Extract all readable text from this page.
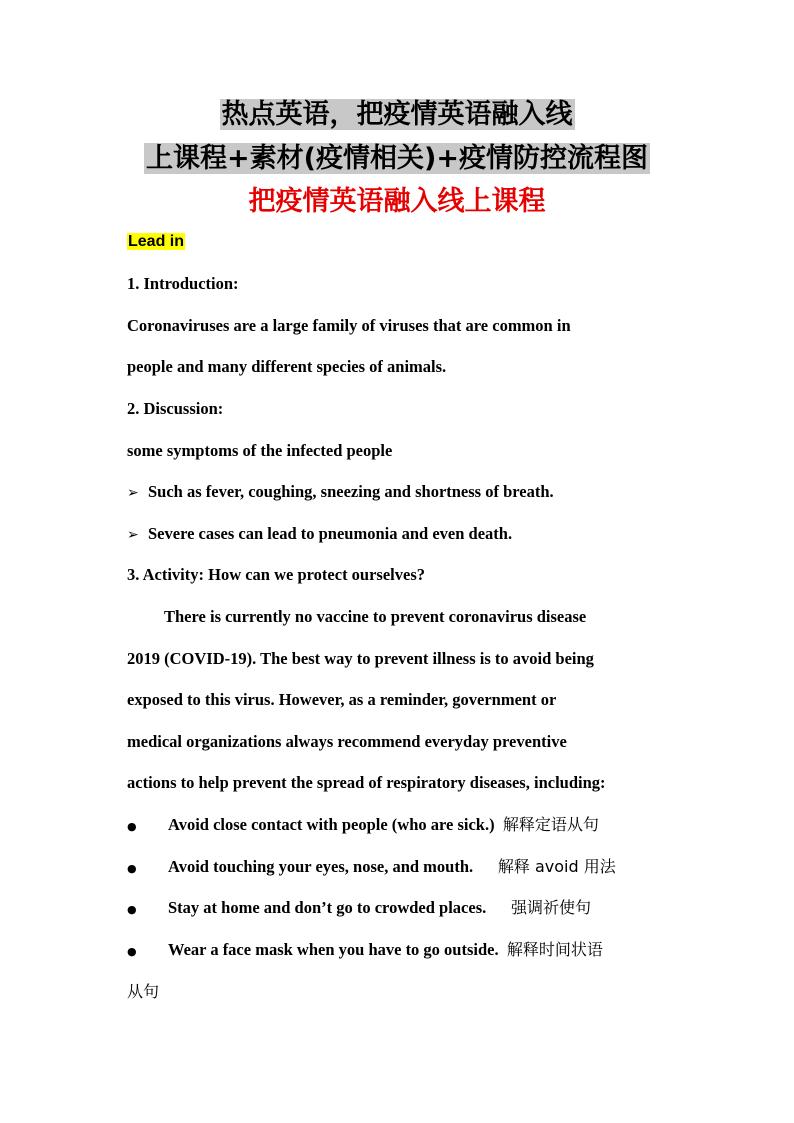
热点英语，把疫情英语融入线
上课程+素材(疫情相关)+疫情防控流程图
把疫情英语融入线上课程
Lead in
1. Introduction:
Coronaviruses are a large family of viruses that are common in
people and many different species of animals.
2. Discussion:
some symptoms of the infected people
➢ Such as fever, coughing, sneezing and shortness of breath.
➢ Severe cases can lead to pneumonia and even death.
3. Activity: How can we protect ourselves?
There is currently no vaccine to prevent coronavirus disease
2019 (COVID-19). The best way to prevent illness is to avoid being
exposed to this virus. However, as a reminder, government or
medical organizations always recommend everyday preventive
actions to help prevent the spread of respiratory diseases, including:
● Avoid close contact with people (who are sick.) 解释定语从句
● Avoid touching your eyes, nose, and mouth. 解释 avoid 用法
● Stay at home and don’t go to crowded places. 强调祈使句
● Wear a face mask when you have to go outside. 解释时间状语
从句
